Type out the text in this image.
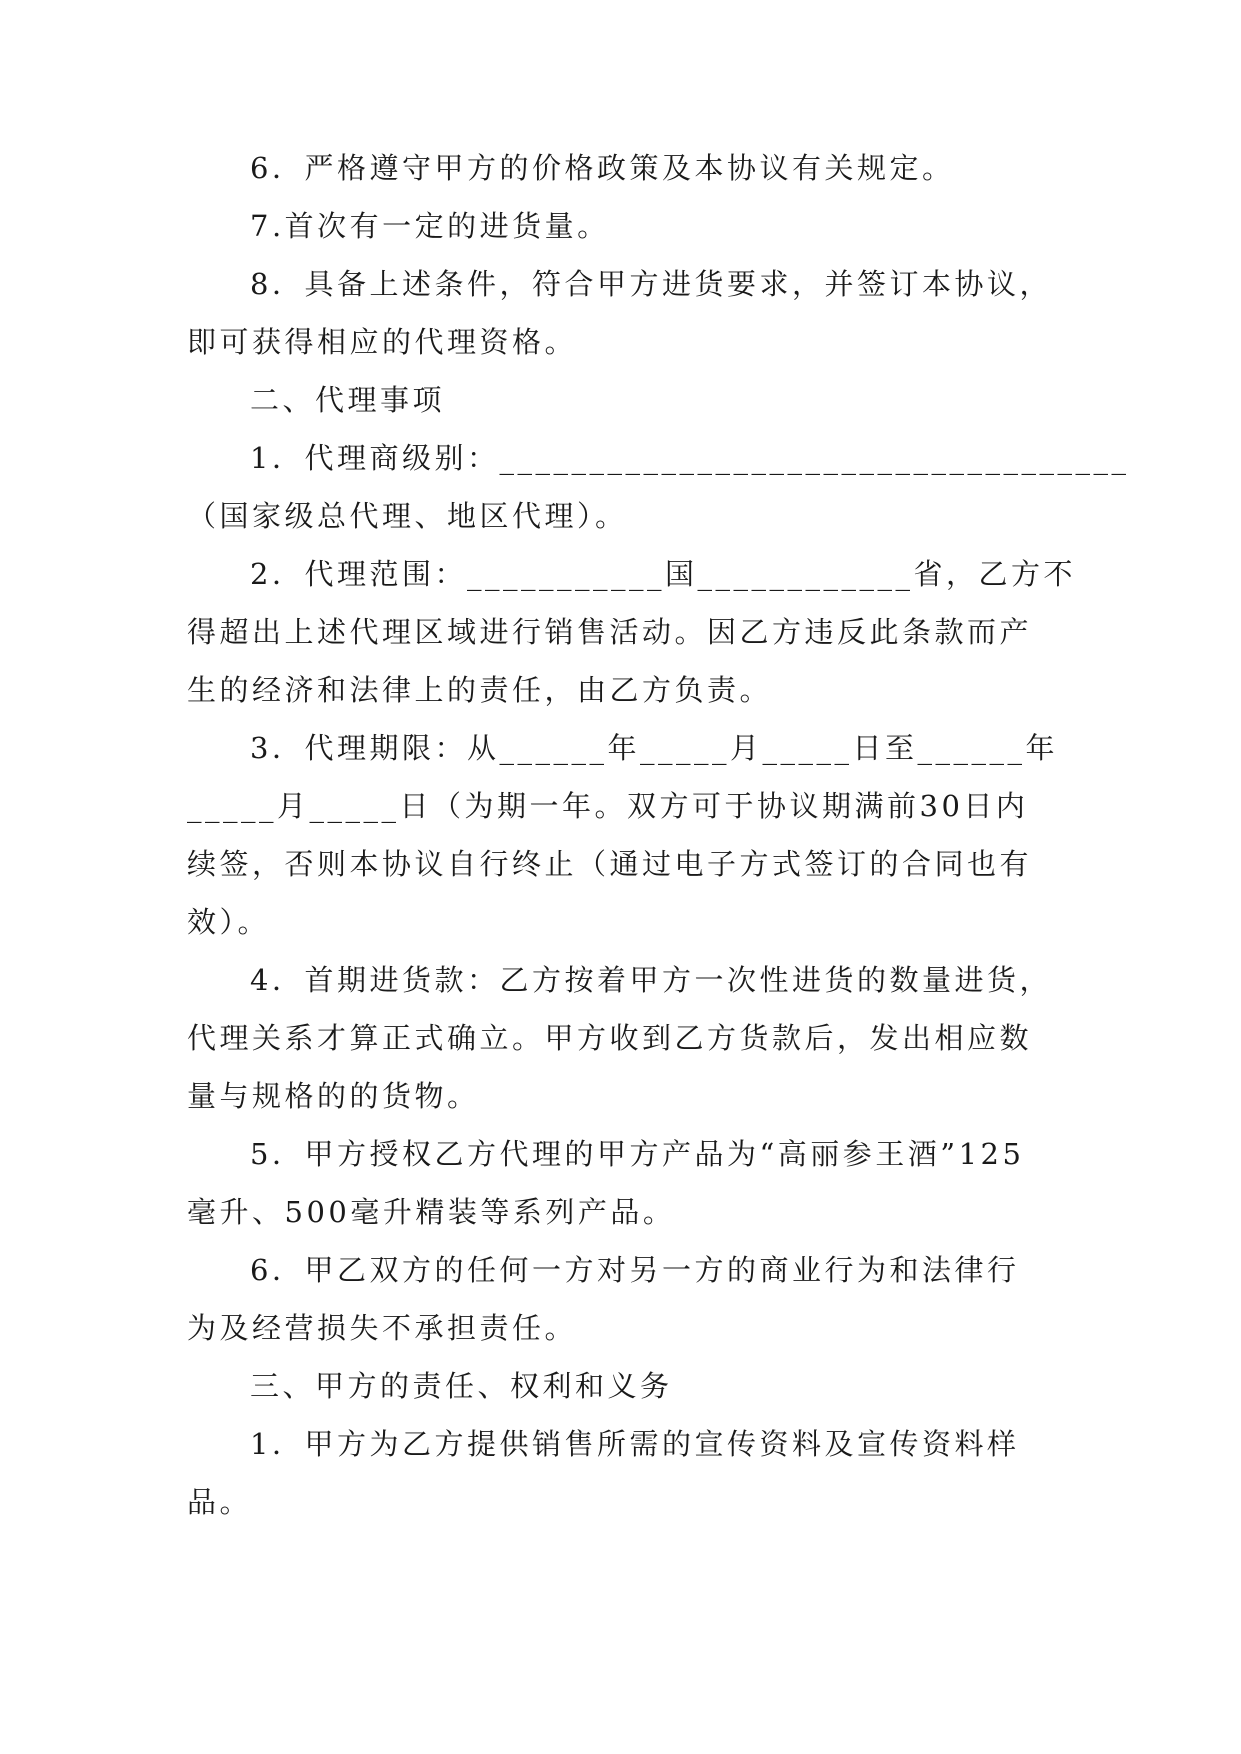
6．严格遵守甲方的价格政策及本协议有关规定。
7.首次有一定的进货量。
8．具备上述条件，符合甲方进货要求，并签订本协议，
即可获得相应的代理资格。
二、代理事项
1．代理商级别：___________________________________
（国家级总代理、地区代理）。
2．代理范围：___________国____________省，乙方不
得超出上述代理区域进行销售活动。因乙方违反此条款而产
生的经济和法律上的责任，由乙方负责。
3．代理期限：从______年_____月_____日至______年
_____月_____日（为期一年。双方可于协议期满前30日内
续签，否则本协议自行终止（通过电子方式签订的合同也有
效）。
4．首期进货款：乙方按着甲方一次性进货的数量进货，
代理关系才算正式确立。甲方收到乙方货款后，发出相应数
量与规格的的货物。
5．甲方授权乙方代理的甲方产品为“高丽参王酒”125
毫升、500毫升精装等系列产品。
6．甲乙双方的任何一方对另一方的商业行为和法律行
为及经营损失不承担责任。
三、甲方的责任、权利和义务
1．甲方为乙方提供销售所需的宣传资料及宣传资料样
品。
